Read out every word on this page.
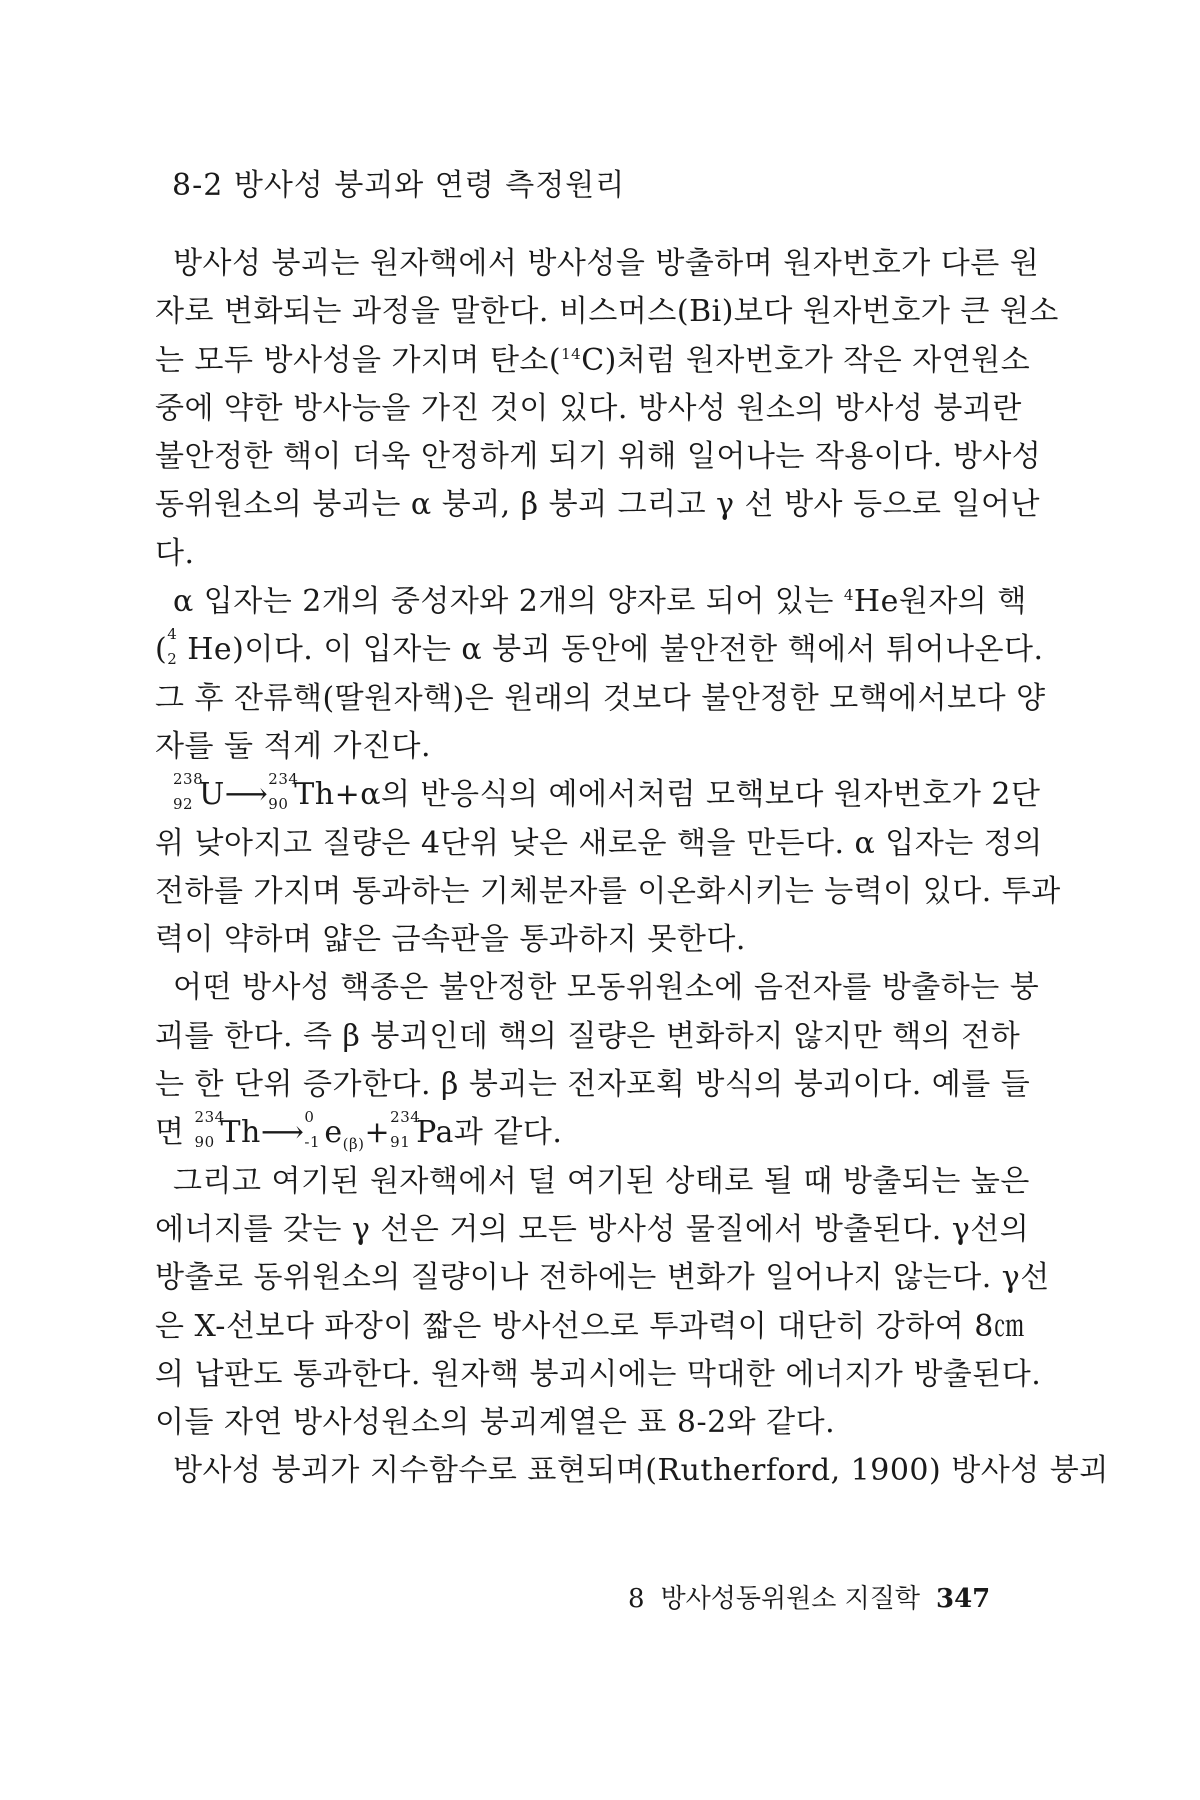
8-2 방사성 붕괴와 연령 측정원리
방사성 붕괴는 원자핵에서 방사성을 방출하며 원자번호가 다른 원
자로 변화되는 과정을 말한다. 비스머스(Bi)보다 원자번호가 큰 원소
는 모두 방사성을 가지며 탄소($^{14}$C)처럼 원자번호가 작은 자연원소
중에 약한 방사능을 가진 것이 있다. 방사성 원소의 방사성 붕괴란
불안정한 핵이 더욱 안정하게 되기 위해 일어나는 작용이다. 방사성
동위원소의 붕괴는 α 붕괴, β 붕괴 그리고 γ 선 방사 등으로 일어난
다.
α 입자는 2개의 중성자와 2개의 양자로 되어 있는 $^4$He원자의 핵
( 4
2 He)이다. 이 입자는 α 붕괴 동안에 불안전한 핵에서 튀어나온다.
그 후 잔류핵(딸원자핵)은 원래의 것보다 불안정한 모핵에서보다 양
자를 둘 적게 가진다.
238
92 U⟶ 234
90 Th+α의 반응식의 예에서처럼 모핵보다 원자번호가 2단
위 낮아지고 질량은 4단위 낮은 새로운 핵을 만든다. α 입자는 정의
전하를 가지며 통과하는 기체분자를 이온화시키는 능력이 있다. 투과
력이 약하며 얇은 금속판을 통과하지 못한다.
어떤 방사성 핵종은 불안정한 모동위원소에 음전자를 방출하는 붕
괴를 한다. 즉 β 붕괴인데 핵의 질량은 변화하지 않지만 핵의 전하
는 한 단위 증가한다. β 붕괴는 전자포획 방식의 붕괴이다. 예를 들
면 234
90 Th⟶ 0
-1 $e_{(\beta)}+ 234$
91 Pa과 같다.
그리고 여기된 원자핵에서 덜 여기된 상태로 될 때 방출되는 높은
에너지를 갖는 γ 선은 거의 모든 방사성 물질에서 방출된다. γ선의
방출로 동위원소의 질량이나 전하에는 변화가 일어나지 않는다. γ선
은 X-선보다 파장이 짧은 방사선으로 투과력이 대단히 강하여 8㎝
의 납판도 통과한다. 원자핵 붕괴시에는 막대한 에너지가 방출된다.
이들 자연 방사성원소의 붕괴계열은 표 8-2와 같다.
방사성 붕괴가 지수함수로 표현되며(Rutherford, 1900) 방사성 붕괴
8 방사성동위원소 지질학 347
